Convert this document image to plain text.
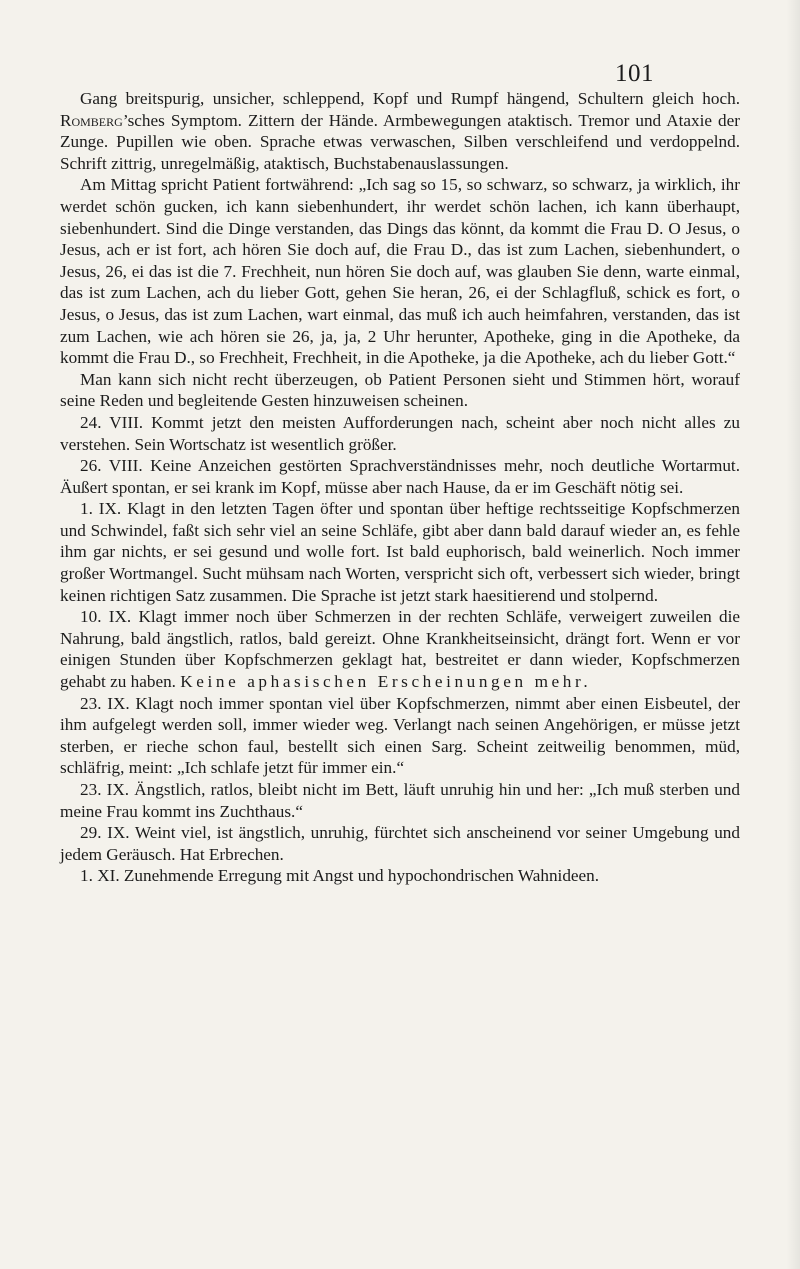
101

Gang breitspurig, unsicher, schleppend, Kopf und Rumpf hängend, Schultern gleich hoch. Romberg’sches Symptom. Zittern der Hände. Armbewegungen ataktisch. Tremor und Ataxie der Zunge. Pupillen wie oben. Sprache etwas verwaschen, Silben verschleifend und verdoppelnd. Schrift zittrig, unregelmäßig, ataktisch, Buchstabenauslassungen.

Am Mittag spricht Patient fortwährend: „Ich sag so 15, so schwarz, so schwarz, ja wirklich, ihr werdet schön gucken, ich kann siebenhundert, ihr werdet schön lachen, ich kann überhaupt, siebenhundert. Sind die Dinge verstanden, das Dings das könnt, da kommt die Frau D. O Jesus, o Jesus, ach er ist fort, ach hören Sie doch auf, die Frau D., das ist zum Lachen, siebenhundert, o Jesus, 26, ei das ist die 7. Frechheit, nun hören Sie doch auf, was glauben Sie denn, warte einmal, das ist zum Lachen, ach du lieber Gott, gehen Sie heran, 26, ei der Schlagfluß, schick es fort, o Jesus, o Jesus, das ist zum Lachen, wart einmal, das muß ich auch heimfahren, verstanden, das ist zum Lachen, wie ach hören sie 26, ja, ja, 2 Uhr herunter, Apotheke, ging in die Apotheke, da kommt die Frau D., so Frechheit, Frechheit, in die Apotheke, ja die Apotheke, ach du lieber Gott.“

Man kann sich nicht recht überzeugen, ob Patient Personen sieht und Stimmen hört, worauf seine Reden und begleitende Gesten hinzuweisen scheinen.

24. VIII. Kommt jetzt den meisten Aufforderungen nach, scheint aber noch nicht alles zu verstehen. Sein Wortschatz ist wesentlich größer.

26. VIII. Keine Anzeichen gestörten Sprachverständnisses mehr, noch deutliche Wortarmut. Äußert spontan, er sei krank im Kopf, müsse aber nach Hause, da er im Geschäft nötig sei.

1. IX. Klagt in den letzten Tagen öfter und spontan über heftige rechtsseitige Kopfschmerzen und Schwindel, faßt sich sehr viel an seine Schläfe, gibt aber dann bald darauf wieder an, es fehle ihm gar nichts, er sei gesund und wolle fort. Ist bald euphorisch, bald weinerlich. Noch immer großer Wortmangel. Sucht mühsam nach Worten, verspricht sich oft, verbessert sich wieder, bringt keinen richtigen Satz zusammen. Die Sprache ist jetzt stark haesitierend und stolpernd.

10. IX. Klagt immer noch über Schmerzen in der rechten Schläfe, verweigert zuweilen die Nahrung, bald ängstlich, ratlos, bald gereizt. Ohne Krankheitseinsicht, drängt fort. Wenn er vor einigen Stunden über Kopfschmerzen geklagt hat, bestreitet er dann wieder, Kopfschmerzen gehabt zu haben. Keine aphasischen Erscheinungen mehr.

23. IX. Klagt noch immer spontan viel über Kopfschmerzen, nimmt aber einen Eisbeutel, der ihm aufgelegt werden soll, immer wieder weg. Verlangt nach seinen Angehörigen, er müsse jetzt sterben, er rieche schon faul, bestellt sich einen Sarg. Scheint zeitweilig benommen, müd, schläfrig, meint: „Ich schlafe jetzt für immer ein.“

23. IX. Ängstlich, ratlos, bleibt nicht im Bett, läuft unruhig hin und her: „Ich muß sterben und meine Frau kommt ins Zuchthaus.“

29. IX. Weint viel, ist ängstlich, unruhig, fürchtet sich anscheinend vor seiner Umgebung und jedem Geräusch. Hat Erbrechen.

1. XI. Zunehmende Erregung mit Angst und hypochondrischen Wahnideen.
